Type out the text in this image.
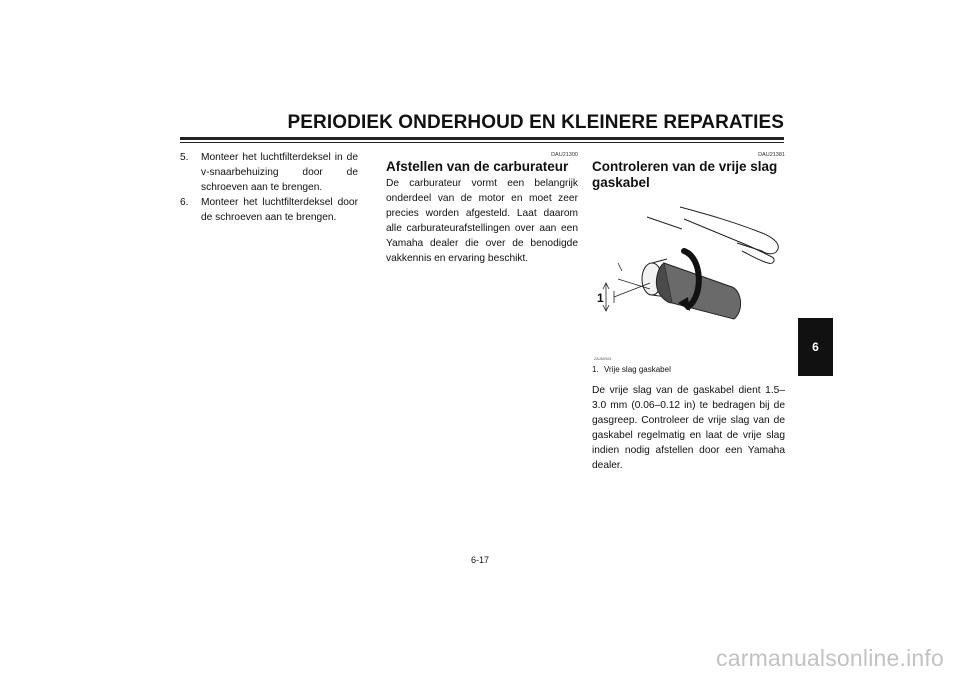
PERIODIEK ONDERHOUD EN KLEINERE REPARATIES
5.	Monteer het luchtfilterdeksel in de v-snaarbehuizing door de schroeven aan te brengen.
6.	Monteer het luchtfilterdeksel door de schroeven aan te brengen.
DAU21300
Afstellen van de carburateur

De carburateur vormt een belangrijk onderdeel van de motor en moet zeer precies worden afgesteld. Laat daarom alle carburateurafstellingen over aan een Yamaha dealer die over de benodigde vakkennis en ervaring beschikt.

DAU21381
Controleren van de vrije slag gaskabel
1
ZAUM0001
1. Vrije slag gaskabel

De vrije slag van de gaskabel dient 1.5–3.0 mm (0.06–0.12 in) te bedragen bij de gasgreep. Controleer de vrije slag van de gaskabel regelmatig en laat de vrije slag indien nodig afstellen door een Yamaha dealer.

6
6-17
carmanualsonline.info
